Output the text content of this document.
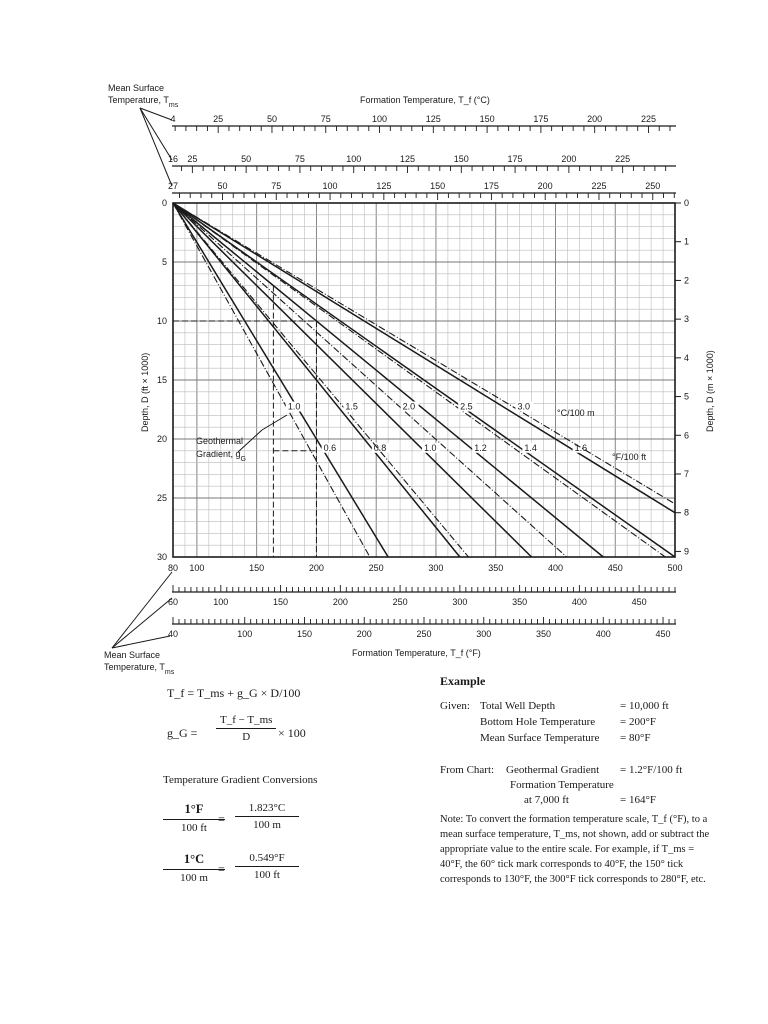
0.6	0.8	1.0	1.2	1.4	1.6
1.0	1.5	2.0	2.5	3.0
4	25	50	75	100	125	150	175	200	225
16 25	50	75	100	125	150	175	200	225
27	50	75	100	125	150	175	200	225	250
80 100	150	200	250	300	350	400	450	500
60	100	150	200	250	300	350	400	450
40	100	150	200	250	300	350	400	450
0
5
10
15
20
25
30
0
1
2
3
4
5
6
7
8
9
Mean Surface
Temperature, $T_{ms}$	Formation Temperature, T_f (°C)
°C/100 m
°F/100 ft
Geothermal
Gradient, $g_G$
Depth, D (ft × 1000)	Depth, D (m × 1000)
Mean Surface
Temperature, $T_{ms}$
Formation Temperature, T_f (°F)
T_f = T_ms + g_G × D/100
g_G = $\frac{T\_f - T\_ms}{D} \times 100$
Temperature Gradient Conversions
$\frac{1^\circ F}{100 ft}$
= $\frac{1.823^\circ C}{100 m}$
$\frac{1^\circ C}{100 m}$
= $\frac{0.549^\circ F}{100 ft}$
Example
Given: Total Well Depth	= 10,000 ft
Bottom Hole Temperature = 200°F
Mean Surface Temperature = 80°F
From Chart: Geothermal Gradient = 1.2°F/100 ft
Formation Temperature
at 7,000 ft	= 164°F
Note: To convert the formation temperature scale, T_f (°F), to a mean surface temperature, T_ms, not shown, add or subtract the appropriate value to the entire scale. For example, if T_ms = 40°F, the 60° tick mark corresponds to 40°F, the 150° tick corresponds to 130°F, the 300°F tick corresponds to 280°F, etc.
